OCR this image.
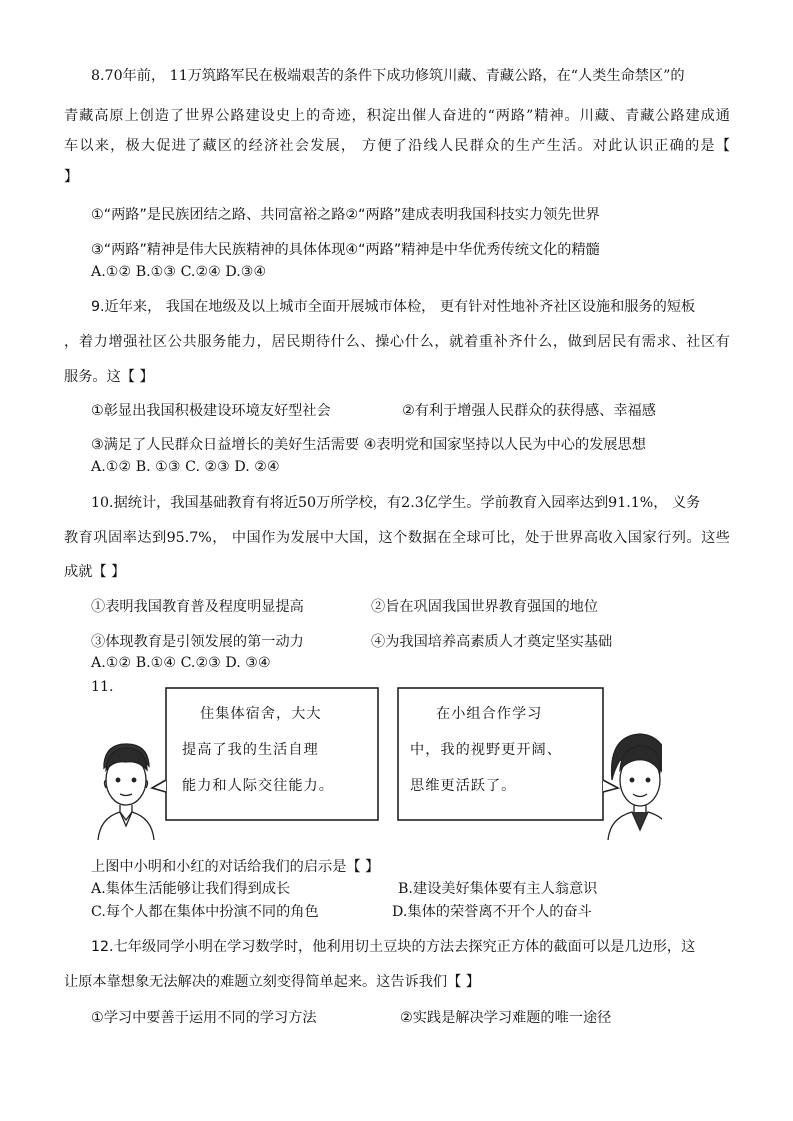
8.70年前， 11万筑路军民在极端艰苦的条件下成功修筑川藏、青藏公路，在“人类生命禁区”的
青藏高原上创造了世界公路建设史上的奇迹，积淀出催人奋进的“两路”精神。川藏、青藏公路建成通
车以来，极大促进了藏区的经济社会发展， 方便了沿线人民群众的生产生活。对此认识正确的是【
】
①“两路”是民族团结之路、共同富裕之路②“两路”建成表明我国科技实力领先世界
③“两路”精神是伟大民族精神的具体体现④“两路”精神是中华优秀传统文化的精髓
A.①② B.①③ C.②④ D.③④
9.近年来， 我国在地级及以上城市全面开展城市体检， 更有针对性地补齐社区设施和服务的短板
，着力增强社区公共服务能力，居民期待什么、操心什么，就着重补齐什么，做到居民有需求、社区有
服务。这【 】
①彰显出我国积极建设环境友好型社会	②有利于增强人民群众的获得感、幸福感
③满足了人民群众日益增长的美好生活需要 ④表明党和国家坚持以人民为中心的发展思想
A.①② B. ①③ C. ②③ D. ②④
10.据统计，我国基础教育有将近50万所学校，有2.3亿学生。学前教育入园率达到91.1%， 义务
教育巩固率达到95.7%， 中国作为发展中大国，这个数据在全球可比，处于世界高收入国家行列。这些
成就【 】
①表明我国教育普及程度明显提高	②旨在巩固我国世界教育强国的地位
③体现教育是引领发展的第一动力	④为我国培养高素质人才奠定坚实基础
A.①② B.①④ C.②③ D. ③④
11.
住集体宿舍，大大
提高了我的生活自理
能力和人际交往能力。
在小组合作学习
中，我的视野更开阔、
思维更活跃了。
上图中小明和小红的对话给我们的启示是【 】
A.集体生活能够让我们得到成长	B.建设美好集体要有主人翁意识
C.每个人都在集体中扮演不同的角色	D.集体的荣誉离不开个人的奋斗
12.七年级同学小明在学习数学时，他利用切土豆块的方法去探究正方体的截面可以是几边形，这
让原本靠想象无法解决的难题立刻变得简单起来。这告诉我们【 】
①学习中要善于运用不同的学习方法	②实践是解决学习难题的唯一途径
